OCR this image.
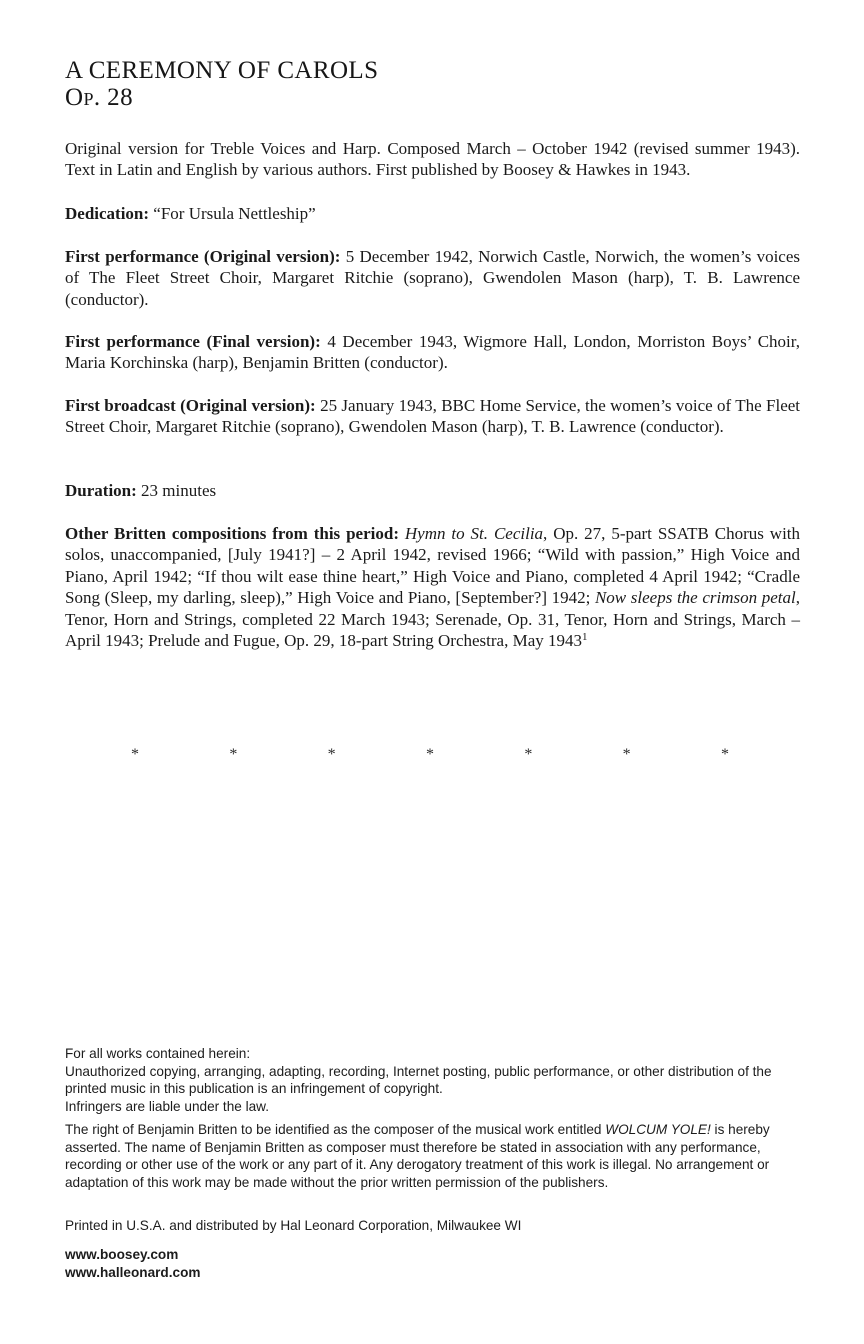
A CEREMONY OF CAROLS
Op. 28

Original version for Treble Voices and Harp. Composed March – October 1942 (revised summer 1943). Text in Latin and English by various authors. First published by Boosey & Hawkes in 1943.

Dedication: “For Ursula Nettleship”

First performance (Original version): 5 December 1942, Norwich Castle, Norwich, the women’s voices of The Fleet Street Choir, Margaret Ritchie (soprano), Gwendolen Mason (harp), T. B. Lawrence (conductor).

First performance (Final version): 4 December 1943, Wigmore Hall, London, Morriston Boys’ Choir, Maria Korchinska (harp), Benjamin Britten (conductor).

First broadcast (Original version): 25 January 1943, BBC Home Service, the women’s voice of The Fleet Street Choir, Margaret Ritchie (soprano), Gwendolen Mason (harp), T. B. Lawrence (conductor).

Duration: 23 minutes

Other Britten compositions from this period: Hymn to St. Cecilia, Op. 27, 5-part SSATB Chorus with solos, unaccompanied, [July 1941?] – 2 April 1942, revised 1966; “Wild with passion,” High Voice and Piano, April 1942; “If thou wilt ease thine heart,” High Voice and Piano, completed 4 April 1942; “Cradle Song (Sleep, my darling, sleep),” High Voice and Piano, [September?] 1942; Now sleeps the crimson petal, Tenor, Horn and Strings, completed 22 March 1943; Serenade, Op. 31, Tenor, Horn and Strings, March – April 1943; Prelude and Fugue, Op. 29, 18-part String Orchestra, May 1943$^1$

*	*	*	*	*	*	*
For all works contained herein:
Unauthorized copying, arranging, adapting, recording, Internet posting, public performance, or other distribution of the printed music in this publication is an infringement of copyright.
Infringers are liable under the law.

The right of Benjamin Britten to be identified as the composer of the musical work entitled WOLCUM YOLE! is hereby asserted. The name of Benjamin Britten as composer must therefore be stated in association with any performance, recording or other use of the work or any part of it. Any derogatory treatment of this work is illegal. No arrangement or adaptation of this work may be made without the prior written permission of the publishers.

Printed in U.S.A. and distributed by Hal Leonard Corporation, Milwaukee WI
www.boosey.com
www.halleonard.com
